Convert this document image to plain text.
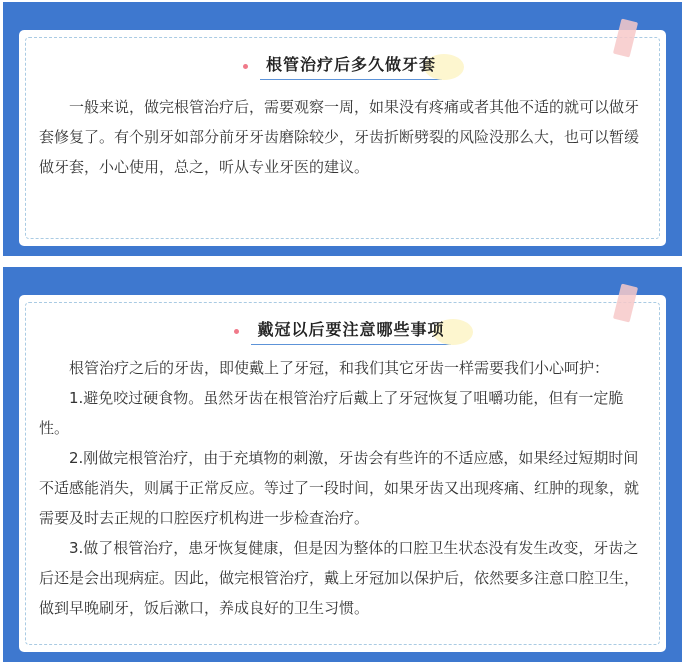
根管治疗后多久做牙套

一般来说，做完根管治疗后，需要观察一周，如果没有疼痛或者其他不适的就可以做牙套修复了。有个别牙如部分前牙牙齿磨除较少，牙齿折断劈裂的风险没那么大，也可以暂缓做牙套，小心使用，总之，听从专业牙医的建议。

戴冠以后要注意哪些事项

根管治疗之后的牙齿，即使戴上了牙冠，和我们其它牙齿一样需要我们小心呵护：

1.避免咬过硬食物。虽然牙齿在根管治疗后戴上了牙冠恢复了咀嚼功能，但有一定脆性。

2.刚做完根管治疗，由于充填物的刺激，牙齿会有些许的不适应感，如果经过短期时间不适感能消失，则属于正常反应。等过了一段时间，如果牙齿又出现疼痛、红肿的现象，就需要及时去正规的口腔医疗机构进一步检查治疗。

3.做了根管治疗，患牙恢复健康，但是因为整体的口腔卫生状态没有发生改变，牙齿之后还是会出现病症。因此，做完根管治疗，戴上牙冠加以保护后，依然要多注意口腔卫生，做到早晚刷牙，饭后漱口，养成良好的卫生习惯。
